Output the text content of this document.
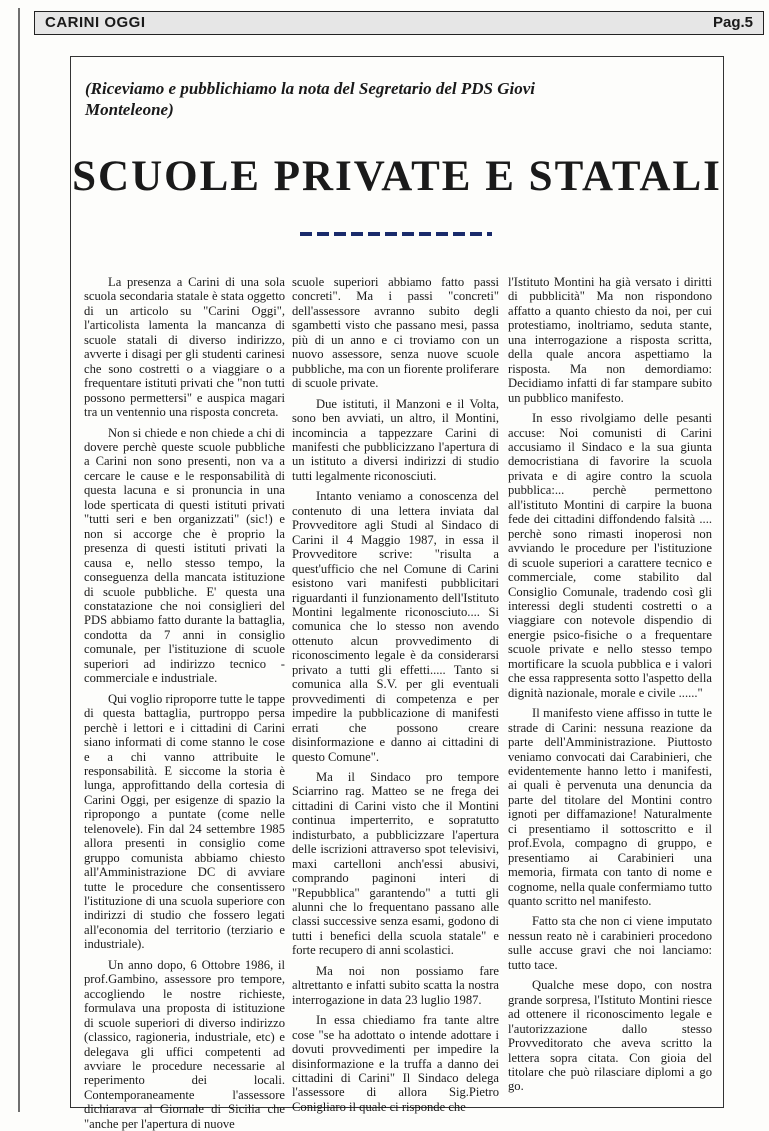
CARINI OGGI	Pag.5
(Riceviamo e pubblichiamo la nota del Segretario del PDS Giovi Monteleone)
SCUOLE PRIVATE E STATALI

La presenza a Carini di una sola scuola secondaria statale è stata oggetto di un articolo su "Carini Oggi", l'articolista lamenta la mancanza di scuole statali di diverso indirizzo, avverte i disagi per gli studenti carinesi che sono costretti o a viaggiare o a frequentare istituti privati che "non tutti possono permettersi" e auspica magari tra un ventennio una risposta concreta.

Non si chiede e non chiede a chi di dovere perchè queste scuole pubbliche a Carini non sono presenti, non va a cercare le cause e le responsabilità di questa lacuna e si pronuncia in una lode sperticata di questi istituti privati "tutti seri e ben organizzati" (sic!) e non si accorge che è proprio la presenza di questi istituti privati la causa e, nello stesso tempo, la conseguenza della mancata istituzione di scuole pubbliche. E' questa una constatazione che noi consiglieri del PDS abbiamo fatto durante la battaglia, condotta da 7 anni in consiglio comunale, per l'istituzione di scuole superiori ad indirizzo tecnico - commerciale e industriale.

Qui voglio riproporre tutte le tappe di questa battaglia, purtroppo persa perchè i lettori e i cittadini di Carini siano informati di come stanno le cose e a chi vanno attribuite le responsabilità. E siccome la storia è lunga, approfittando della cortesia di Carini Oggi, per esigenze di spazio la ripropongo a puntate (come nelle telenovele). Fin dal 24 settembre 1985 allora presenti in consiglio come gruppo comunista abbiamo chiesto all'Amministrazione DC di avviare tutte le procedure che consentissero l'istituzione di una scuola superiore con indirizzi di studio che fossero legati all'economia del territorio (terziario e industriale).

Un anno dopo, 6 Ottobre 1986, il prof.Gambino, assessore pro tempore, accogliendo le nostre richieste, formulava una proposta di istituzione di scuole superiori di diverso indirizzo (classico, ragioneria, industriale, etc) e delegava gli uffici competenti ad avviare le procedure necessarie al reperimento dei locali. Contemporaneamente l'assessore dichiarava al Giornale di Sicilia che "anche per l'apertura di nuove

scuole superiori abbiamo fatto passi concreti". Ma i passi "concreti" dell'assessore avranno subito degli sgambetti visto che passano mesi, passa più di un anno e ci troviamo con un nuovo assessore, senza nuove scuole pubbliche, ma con un fiorente proliferare di scuole private.

Due istituti, il Manzoni e il Volta, sono ben avviati, un altro, il Montini, incomincia a tappezzare Carini di manifesti che pubblicizzano l'apertura di un istituto a diversi indirizzi di studio tutti legalmente riconosciuti.

Intanto veniamo a conoscenza del contenuto di una lettera inviata dal Provveditore agli Studi al Sindaco di Carini il 4 Maggio 1987, in essa il Provveditore scrive: "risulta a quest'ufficio che nel Comune di Carini esistono vari manifesti pubblicitari riguardanti il funzionamento dell'Istituto Montini legalmente riconosciuto.... Si comunica che lo stesso non avendo ottenuto alcun provvedimento di riconoscimento legale è da considerarsi privato a tutti gli effetti..... Tanto si comunica alla S.V. per gli eventuali provvedimenti di competenza e per impedire la pubblicazione di manifesti errati che possono creare disinformazione e danno ai cittadini di questo Comune".

Ma il Sindaco pro tempore Sciarrino rag. Matteo se ne frega dei cittadini di Carini visto che il Montini continua imperterrito, e sopratutto indisturbato, a pubblicizzare l'apertura delle iscrizioni attraverso spot televisivi, maxi cartelloni anch'essi abusivi, comprando paginoni interi di "Repubblica" garantendo" a tutti gli alunni che lo frequentano passano alle classi successive senza esami, godono di tutti i benefici della scuola statale" e forte recupero di anni scolastici.

Ma noi non possiamo fare altrettanto e infatti subito scatta la nostra interrogazione in data 23 luglio 1987.

In essa chiediamo fra tante altre cose "se ha adottato o intende adottare i dovuti provvedimenti per impedire la disinformazione e la truffa a danno dei cittadini di Carini" Il Sindaco delega l'assessore di allora Sig.Pietro Conigliaro il quale ci risponde che

l'Istituto Montini ha già versato i diritti di pubblicità" Ma non rispondono affatto a quanto chiesto da noi, per cui protestiamo, inoltriamo, seduta stante, una interrogazione a risposta scritta, della quale ancora aspettiamo la risposta. Ma non demordiamo: Decidiamo infatti di far stampare subito un pubblico manifesto.

In esso rivolgiamo delle pesanti accuse: Noi comunisti di Carini accusiamo il Sindaco e la sua giunta democristiana di favorire la scuola privata e di agire contro la scuola pubblica:... perchè permettono all'istituto Montini di carpire la buona fede dei cittadini diffondendo falsità .... perchè sono rimasti inoperosi non avviando le procedure per l'istituzione di scuole superiori a carattere tecnico e commerciale, come stabilito dal Consiglio Comunale, tradendo così gli interessi degli studenti costretti o a viaggiare con notevole dispendio di energie psico-fisiche o a frequentare scuole private e nello stesso tempo mortificare la scuola pubblica e i valori che essa rappresenta sotto l'aspetto della dignità nazionale, morale e civile ......"

Il manifesto viene affisso in tutte le strade di Carini: nessuna reazione da parte dell'Amministrazione. Piuttosto veniamo convocati dai Carabinieri, che evidentemente hanno letto i manifesti, ai quali è pervenuta una denuncia da parte del titolare del Montini contro ignoti per diffamazione! Naturalmente ci presentiamo il sottoscritto e il prof.Evola, compagno di gruppo, e presentiamo ai Carabinieri una memoria, firmata con tanto di nome e cognome, nella quale confermiamo tutto quanto scritto nel manifesto.

Fatto sta che non ci viene imputato nessun reato nè i carabinieri procedono sulle accuse gravi che noi lanciamo: tutto tace.

Qualche mese dopo, con nostra grande sorpresa, l'Istituto Montini riesce ad ottenere il riconoscimento legale e l'autorizzazione dallo stesso Provveditorato che aveva scritto la lettera sopra citata. Con gioia del titolare che può rilasciare diplomi a go go.
